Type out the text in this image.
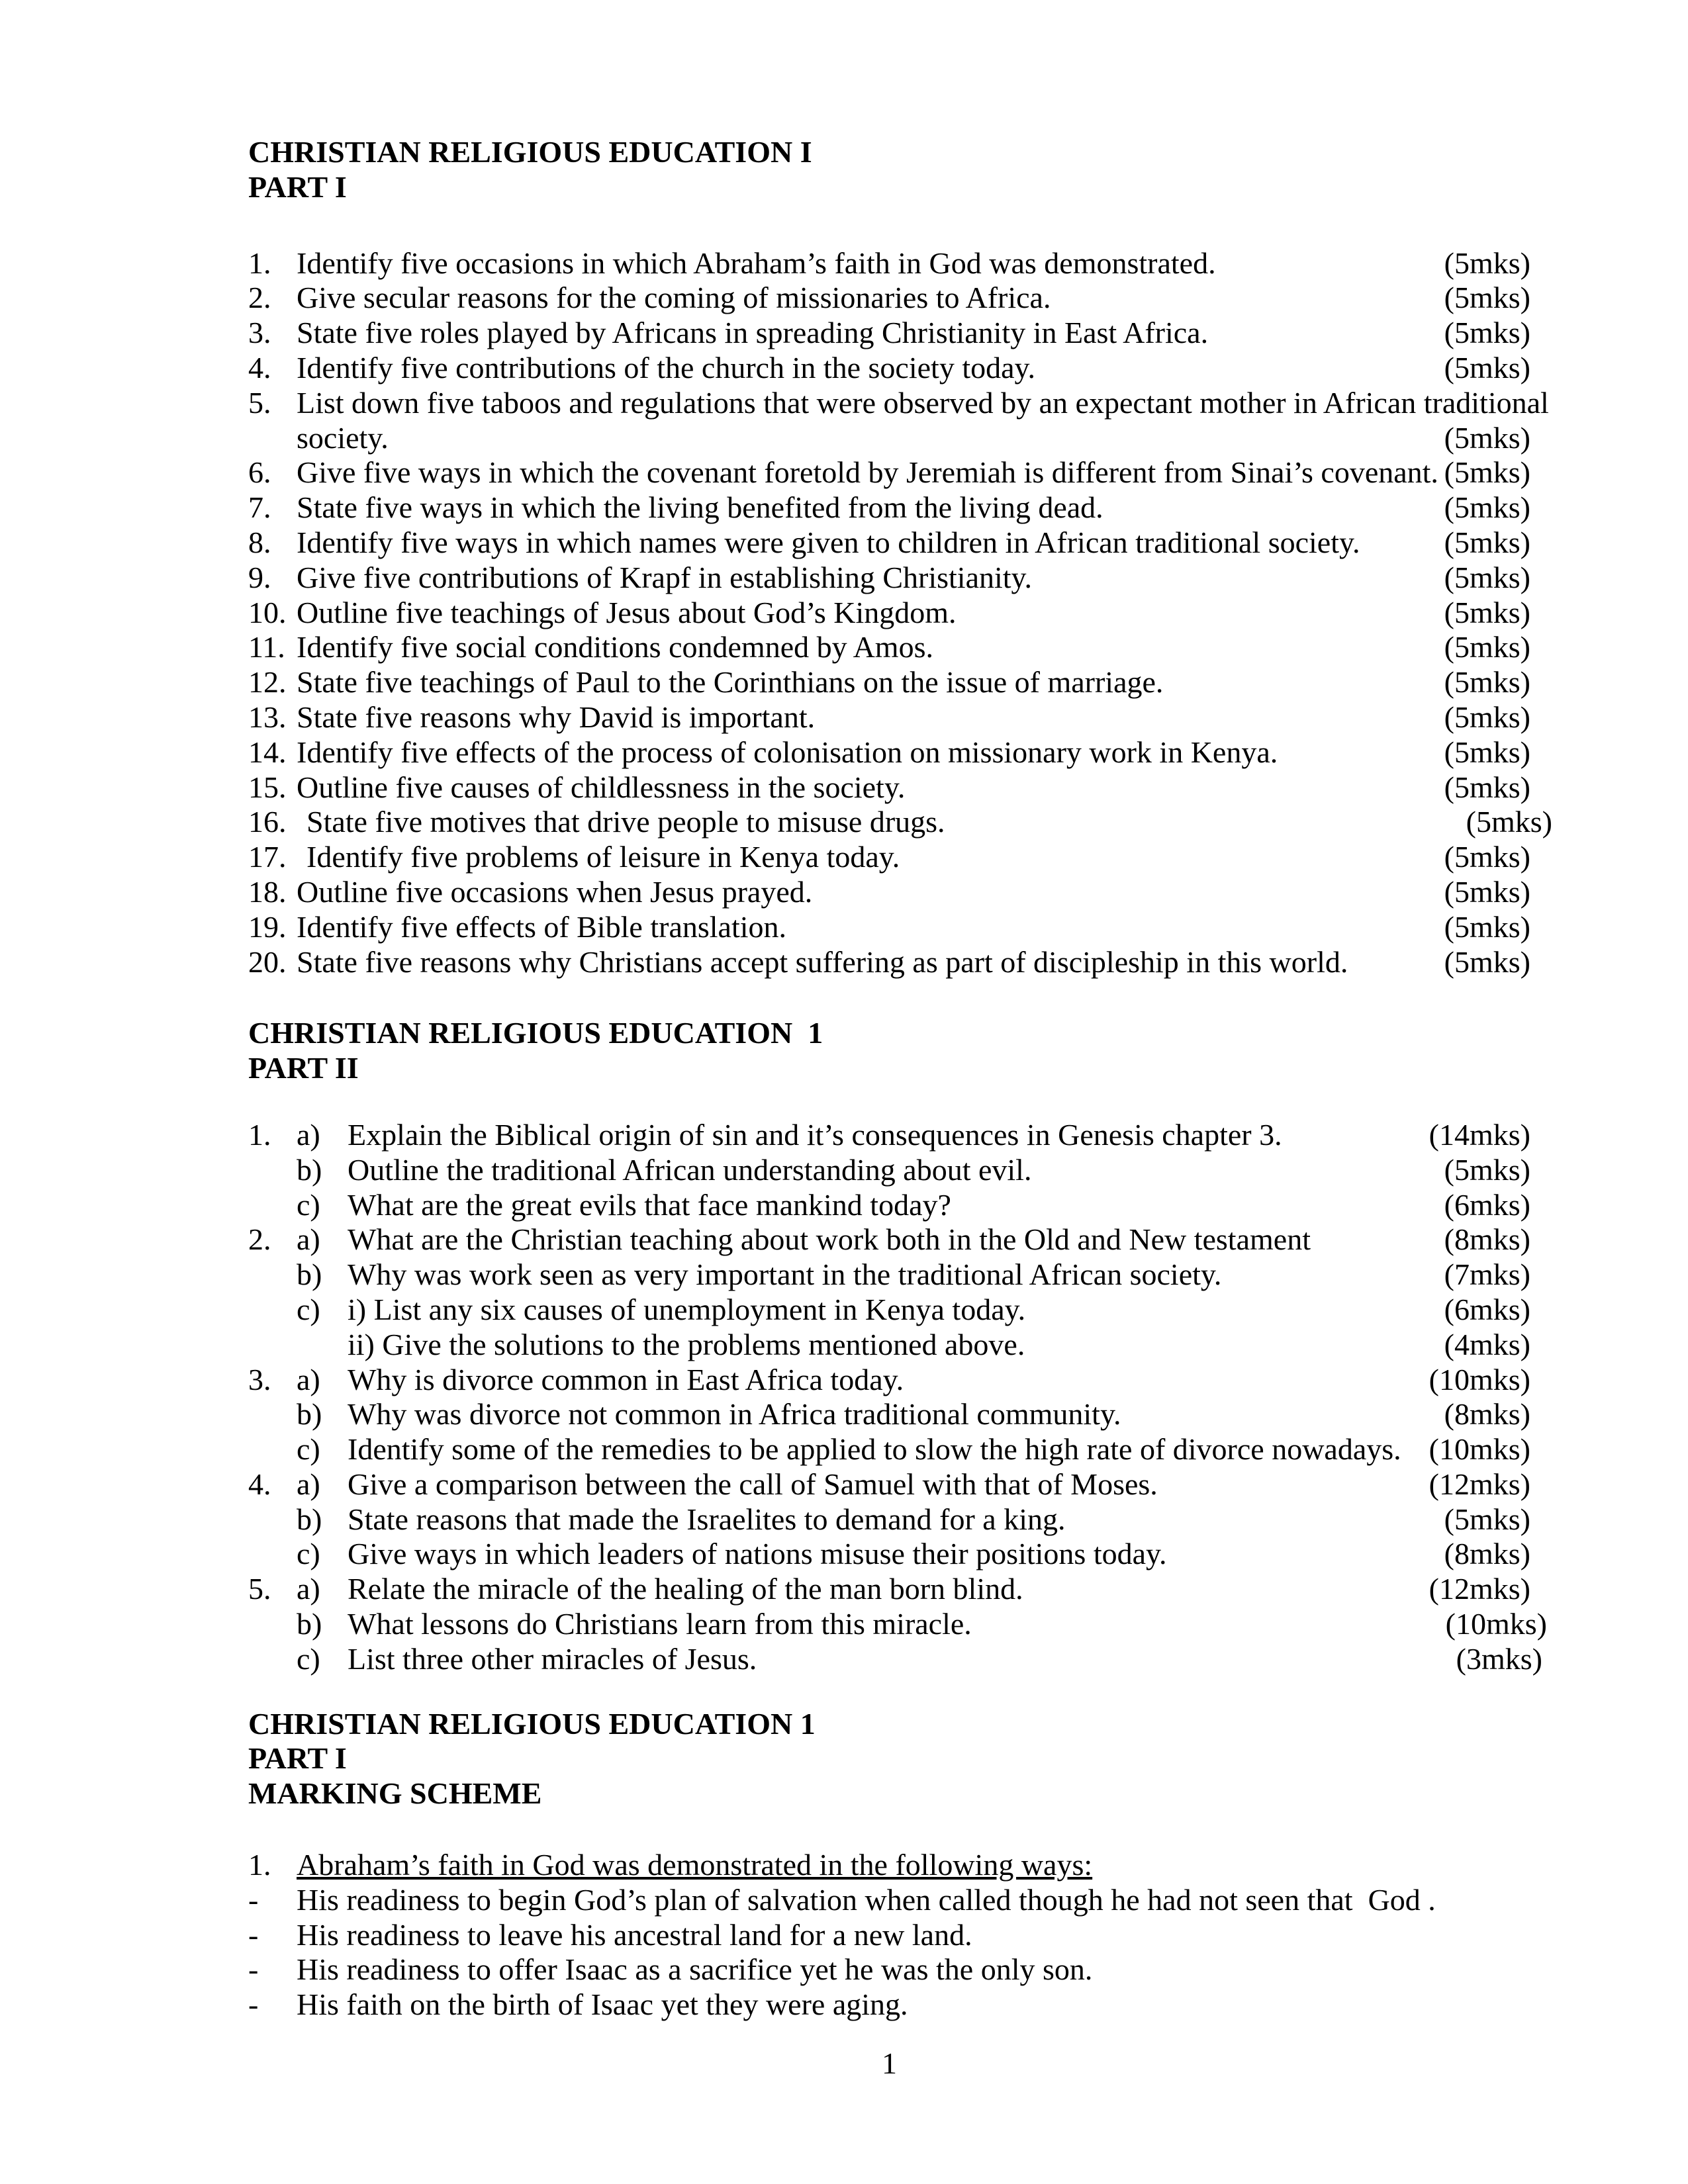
CHRISTIAN RELIGIOUS EDUCATION I
PART I
1. Identify five occasions in which Abraham’s faith in God was demonstrated.	(5mks)
2. Give secular reasons for the coming of missionaries to Africa.	(5mks)
3. State five roles played by Africans in spreading Christianity in East Africa.	(5mks)
4. Identify five contributions of the church in the society today.	(5mks)
5. List down five taboos and regulations that were observed by an expectant mother in African traditional
society.	(5mks)
6. Give five ways in which the covenant foretold by Jeremiah is different from Sinai’s covenant. (5mks)
7. State five ways in which the living benefited from the living dead.	(5mks)
8. Identify five ways in which names were given to children in African traditional society.	(5mks)
9. Give five contributions of Krapf in establishing Christianity.	(5mks)
10. Outline five teachings of Jesus about God’s Kingdom.	(5mks)
11. Identify five social conditions condemned by Amos.	(5mks)
12. State five teachings of Paul to the Corinthians on the issue of marriage.	(5mks)
13. State five reasons why David is important.	(5mks)
14. Identify five effects of the process of colonisation on missionary work in Kenya.	(5mks)
15. Outline five causes of childlessness in the society.	(5mks)
16. State five motives that drive people to misuse drugs.	(5mks)
17. Identify five problems of leisure in Kenya today.	(5mks)
18. Outline five occasions when Jesus prayed.	(5mks)
19. Identify five effects of Bible translation.	(5mks)
20. State five reasons why Christians accept suffering as part of discipleship in this world.	(5mks)
CHRISTIAN RELIGIOUS EDUCATION  1
PART II
1. a) Explain the Biblical origin of sin and it’s consequences in Genesis chapter 3.	(14mks)
b) Outline the traditional African understanding about evil.	(5mks)
c) What are the great evils that face mankind today?	(6mks)
2. a) What are the Christian teaching about work both in the Old and New testament	(8mks)
b) Why was work seen as very important in the traditional African society.	(7mks)
c) i) List any six causes of unemployment in Kenya today.	(6mks)
ii) Give the solutions to the problems mentioned above.	(4mks)
3. a) Why is divorce common in East Africa today.	(10mks)
b) Why was divorce not common in Africa traditional community.	(8mks)
c) Identify some of the remedies to be applied to slow the high rate of divorce nowadays. (10mks)
4. a) Give a comparison between the call of Samuel with that of Moses.	(12mks)
b) State reasons that made the Israelites to demand for a king.	(5mks)
c) Give ways in which leaders of nations misuse their positions today.	(8mks)
5. a) Relate the miracle of the healing of the man born blind.	(12mks)
b) What lessons do Christians learn from this miracle.	(10mks)
c) List three other miracles of Jesus.	(3mks)
CHRISTIAN RELIGIOUS EDUCATION 1
PART I
MARKING SCHEME
1. Abraham’s faith in God was demonstrated in the following ways:
-	His readiness to begin God’s plan of salvation when called though he had not seen that  God .
-	His readiness to leave his ancestral land for a new land.
-	His readiness to offer Isaac as a sacrifice yet he was the only son.
-	His faith on the birth of Isaac yet they were aging.
1
